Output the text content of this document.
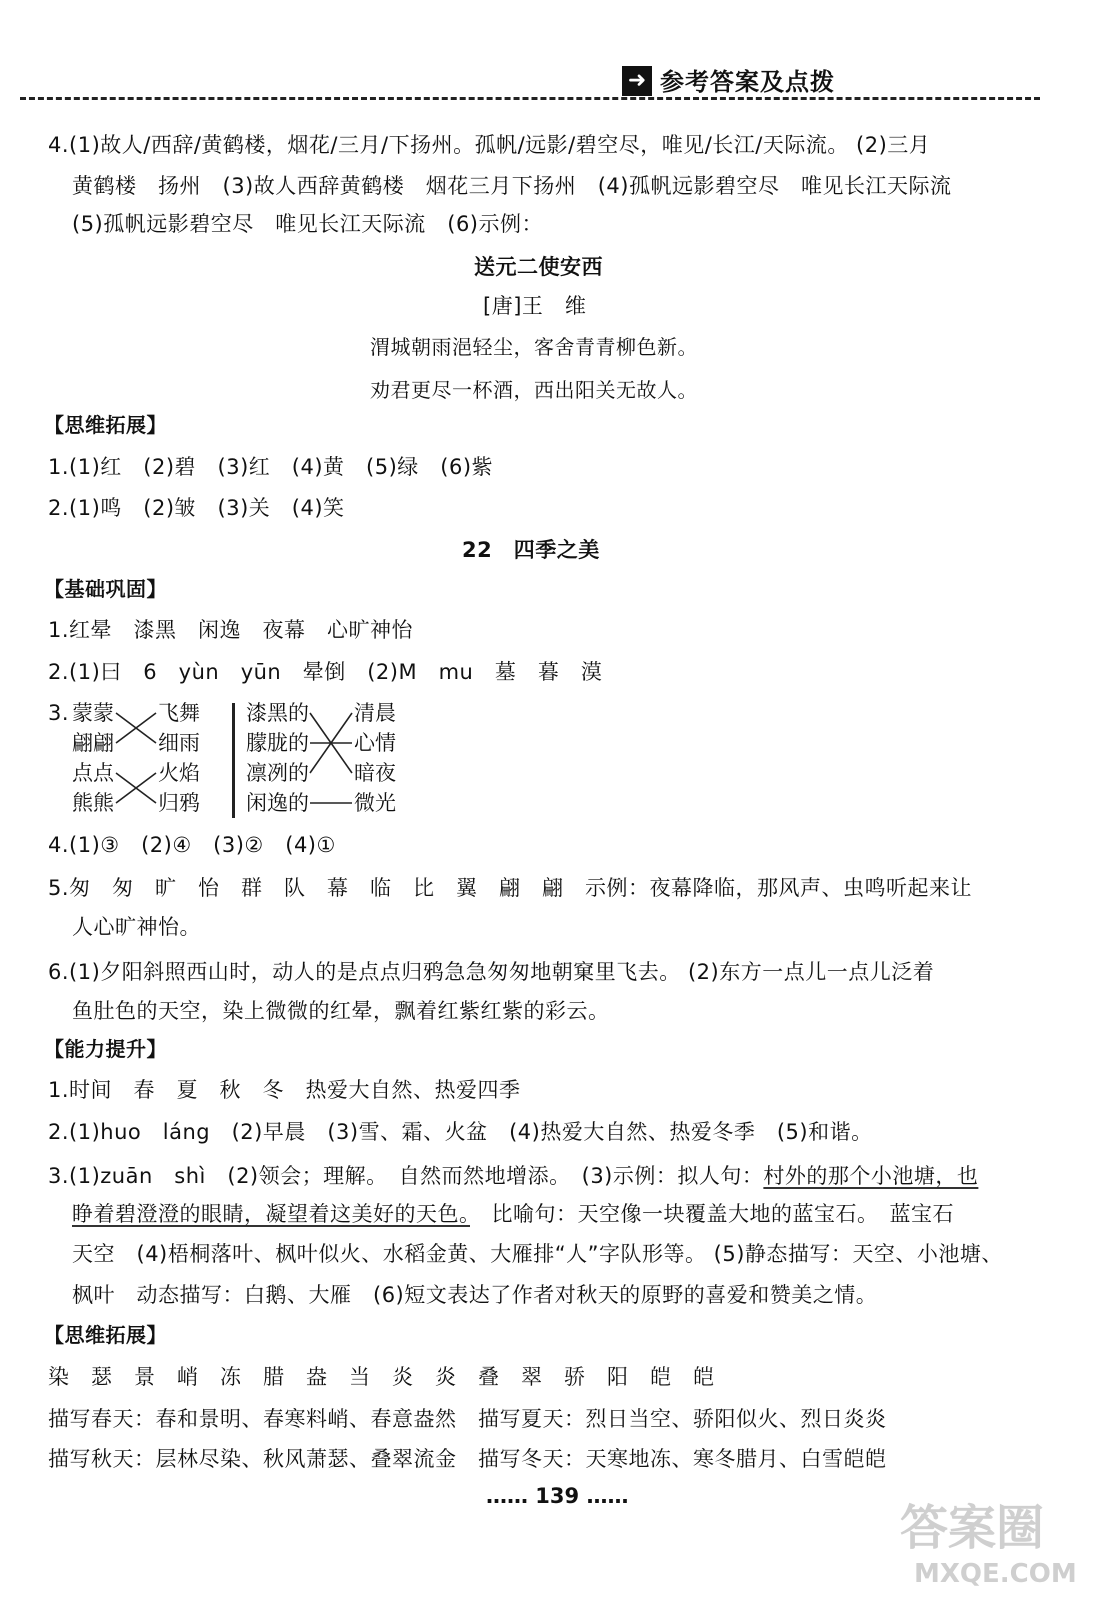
➜ 参考答案及点拨
4.(1)故人/西辞/黄鹤楼，烟花/三月/下扬州。孤帆/远影/碧空尽，唯见/长江/天际流。 (2)三月
黄鹤楼　扬州　(3)故人西辞黄鹤楼　烟花三月下扬州　(4)孤帆远影碧空尽　唯见长江天际流
(5)孤帆远影碧空尽　唯见长江天际流　(6)示例：
送元二使安西
[唐]王　维
渭城朝雨浥轻尘，客舍青青柳色新。
劝君更尽一杯酒，西出阳关无故人。
【思维拓展】
1.(1)红　(2)碧　(3)红　(4)黄　(5)绿　(6)紫
2.(1)鸣　(2)皱　(3)关　(4)笑
22　四季之美
【基础巩固】
1.红晕　漆黑　闲逸　夜幕　心旷神怡
2.(1)曰　6　yùn　yūn　晕倒　(2)M　mu　墓　暮　漠
3. 蒙蒙
翩翩
点点
熊熊
飞舞
细雨
火焰
归鸦
漆黑的
朦胧的
凛冽的
闲逸的
清晨
心情
暗夜
微光
4.(1)③　(2)④　(3)②　(4)①
5.匆　匆　旷　怡　群　队　幕　临　比　翼　翩　翩　示例：夜幕降临，那风声、虫鸣听起来让
人心旷神怡。
6.(1)夕阳斜照西山时，动人的是点点归鸦急急匆匆地朝窠里飞去。 (2)东方一点儿一点儿泛着
鱼肚色的天空，染上微微的红晕，飘着红紫红紫的彩云。
【能力提升】
1.时间　春　夏　秋　冬　热爱大自然、热爱四季
2.(1)huo　láng　(2)早晨　(3)雪、霜、火盆　(4)热爱大自然、热爱冬季　(5)和谐。
3.(1)zuān　shì　(2)领会；理解。　自然而然地增添。　(3)示例：拟人句：村外的那个小池塘，也
睁着碧澄澄的眼睛，凝望着这美好的天色。　比喻句：天空像一块覆盖大地的蓝宝石。　蓝宝石
天空　(4)梧桐落叶、枫叶似火、水稻金黄、大雁排“人”字队形等。 (5)静态描写：天空、小池塘、
枫叶　动态描写：白鹅、大雁　(6)短文表达了作者对秋天的原野的喜爱和赞美之情。
【思维拓展】
染　瑟　景　峭　冻　腊　盎　当　炎　炎　叠　翠　骄　阳　皑　皑
描写春天：春和景明、春寒料峭、春意盎然　描写夏天：烈日当空、骄阳似火、烈日炎炎
描写秋天：层林尽染、秋风萧瑟、叠翠流金　描写冬天：天寒地冻、寒冬腊月、白雪皑皑
…… 139 ……
答案圈
MXQE.COM
